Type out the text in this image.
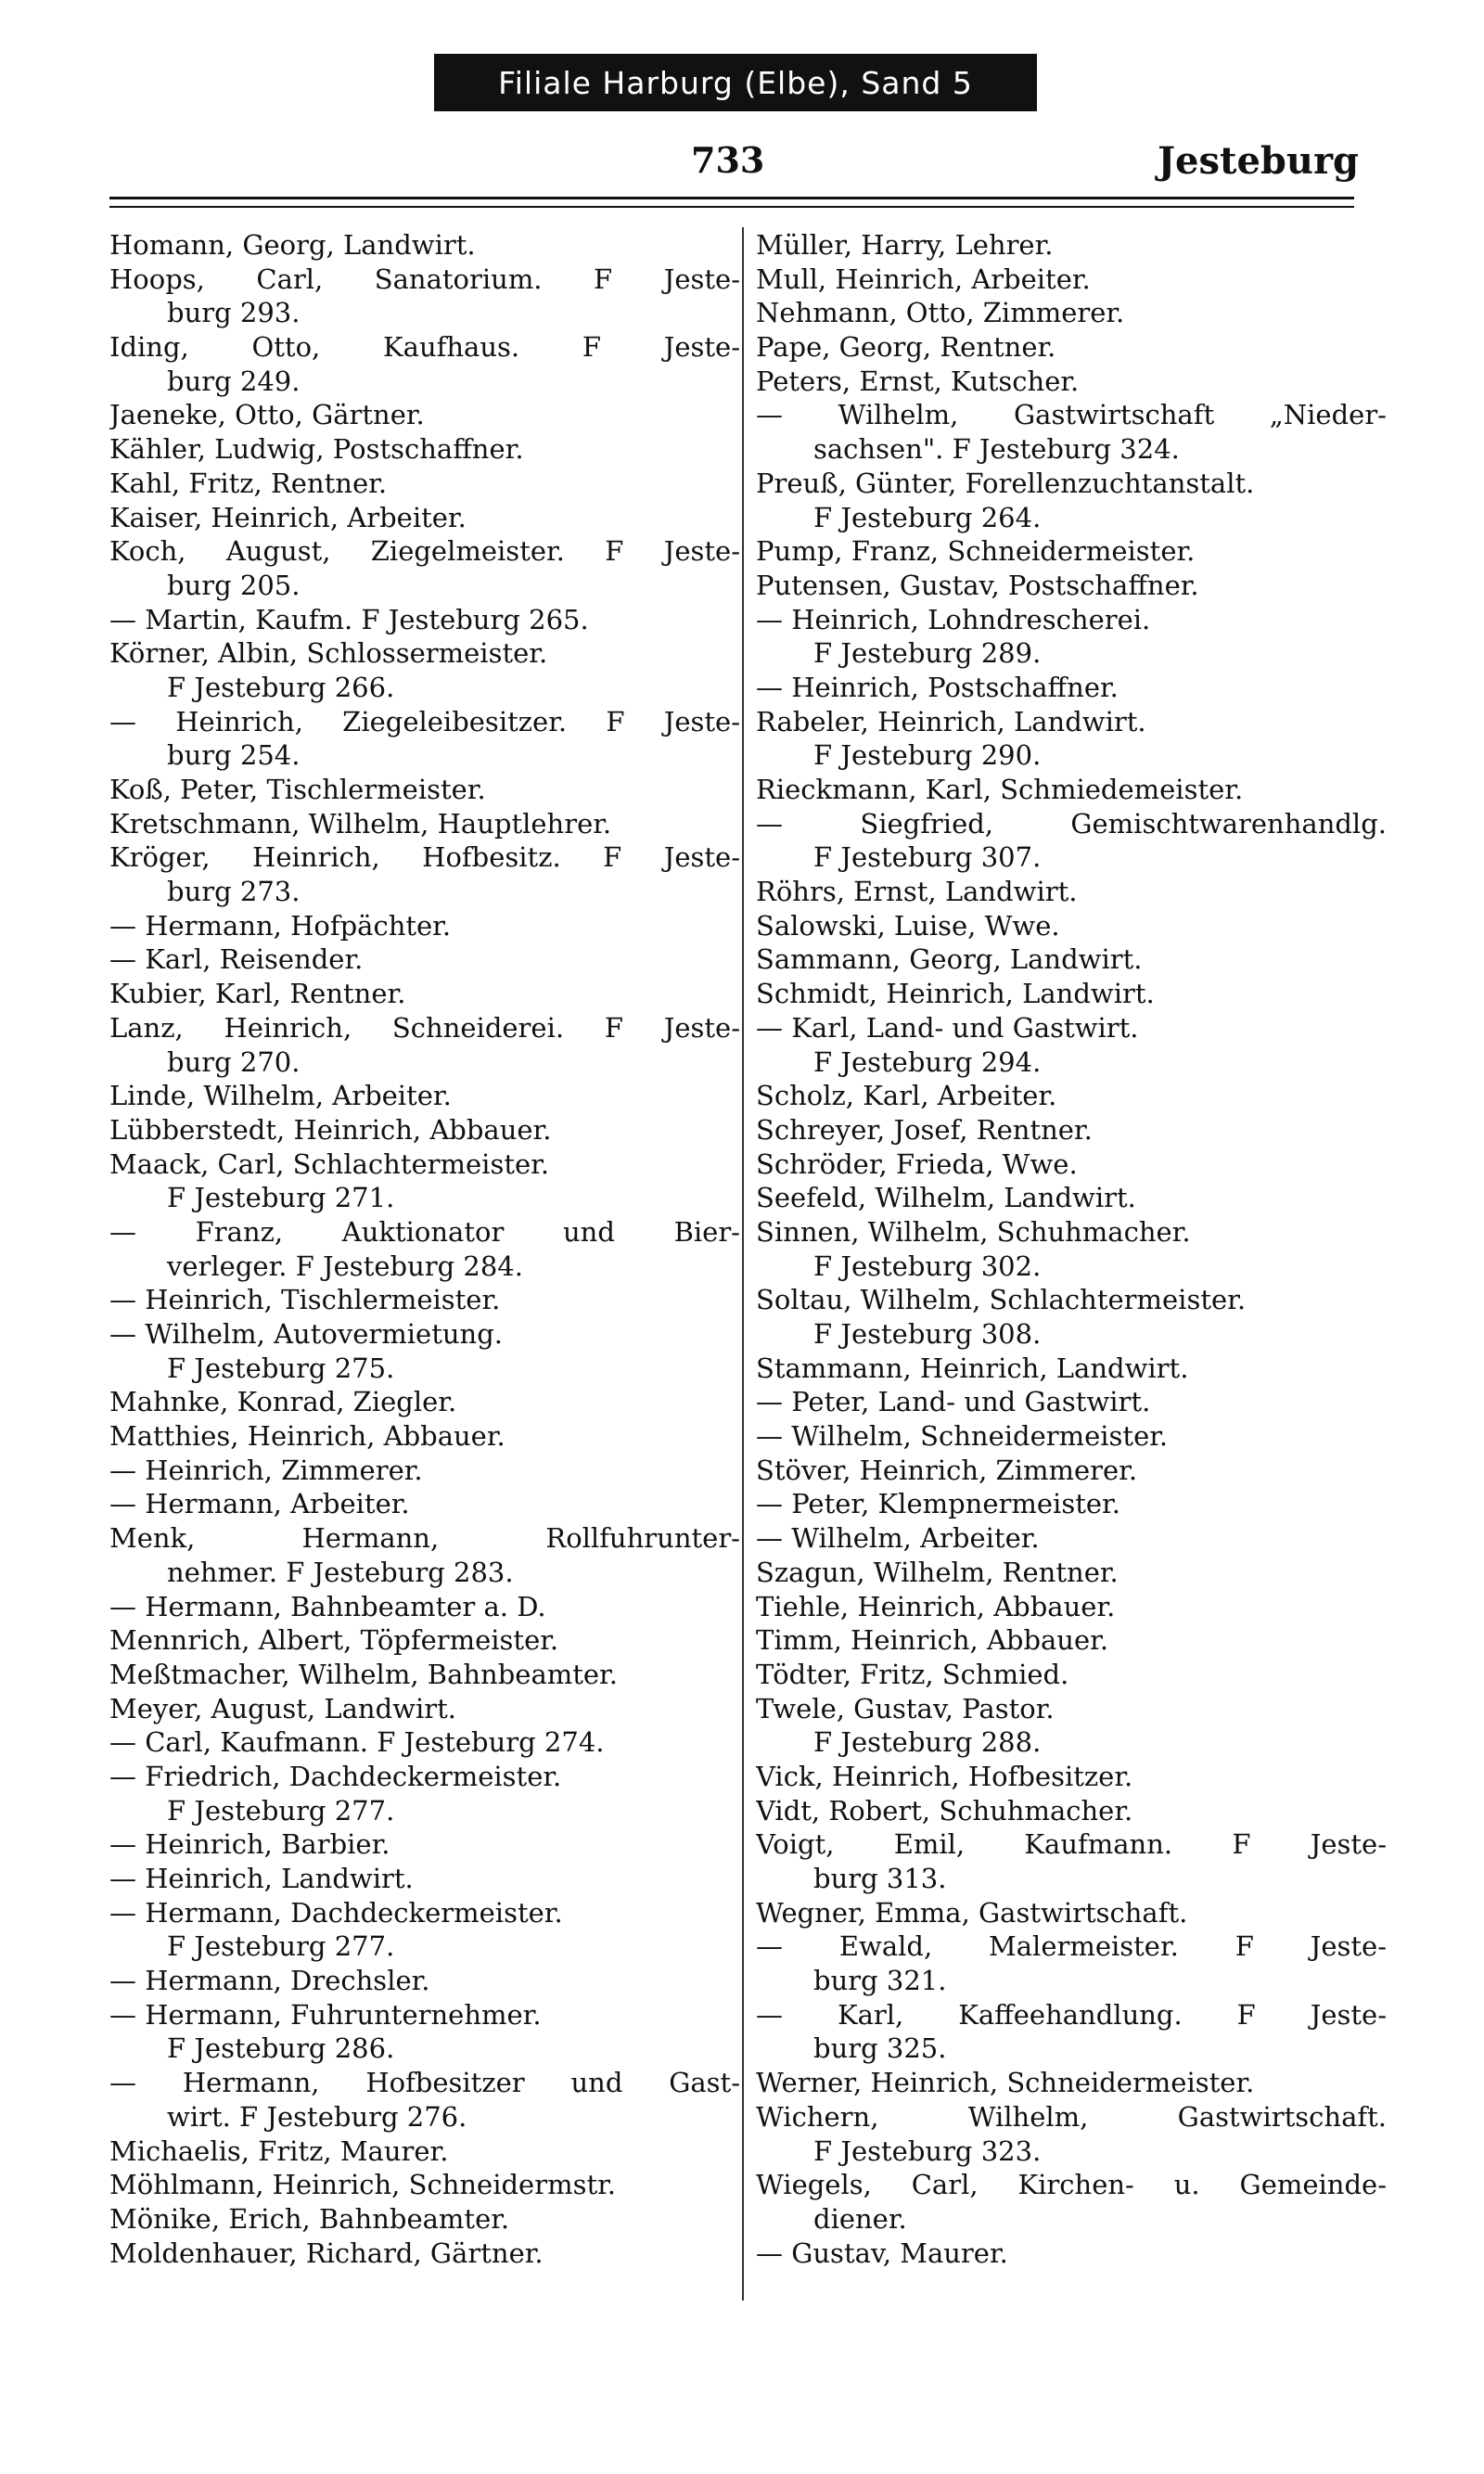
Filiale Harburg (Elbe), Sand 5
733	Jesteburg
Homann, Georg, Landwirt.
Hoops, Carl, Sanatorium. F Jeste-
burg 293.
Iding, Otto, Kaufhaus. F Jeste-
burg 249.
Jaeneke, Otto, Gärtner.
Kähler, Ludwig, Postschaffner.
Kahl, Fritz, Rentner.
Kaiser, Heinrich, Arbeiter.
Koch, August, Ziegelmeister. F Jeste-
burg 205.
— Martin, Kaufm. F Jesteburg 265.
Körner, Albin, Schlossermeister.
F Jesteburg 266.
— Heinrich, Ziegeleibesitzer. F Jeste-
burg 254.
Koß, Peter, Tischlermeister.
Kretschmann, Wilhelm, Hauptlehrer.
Kröger, Heinrich, Hofbesitz. F Jeste-
burg 273.
— Hermann, Hofpächter.
— Karl, Reisender.
Kubier, Karl, Rentner.
Lanz, Heinrich, Schneiderei. F Jeste-
burg 270.
Linde, Wilhelm, Arbeiter.
Lübberstedt, Heinrich, Abbauer.
Maack, Carl, Schlachtermeister.
F Jesteburg 271.
— Franz, Auktionator und Bier-
verleger. F Jesteburg 284.
— Heinrich, Tischlermeister.
— Wilhelm, Autovermietung.
F Jesteburg 275.
Mahnke, Konrad, Ziegler.
Matthies, Heinrich, Abbauer.
— Heinrich, Zimmerer.
— Hermann, Arbeiter.
Menk, Hermann, Rollfuhrunter-
nehmer. F Jesteburg 283.
— Hermann, Bahnbeamter a. D.
Mennrich, Albert, Töpfermeister.
Meßtmacher, Wilhelm, Bahnbeamter.
Meyer, August, Landwirt.
— Carl, Kaufmann. F Jesteburg 274.
— Friedrich, Dachdeckermeister.
F Jesteburg 277.
— Heinrich, Barbier.
— Heinrich, Landwirt.
— Hermann, Dachdeckermeister.
F Jesteburg 277.
— Hermann, Drechsler.
— Hermann, Fuhrunternehmer.
F Jesteburg 286.
— Hermann, Hofbesitzer und Gast-
wirt. F Jesteburg 276.
Michaelis, Fritz, Maurer.
Möhlmann, Heinrich, Schneidermstr.
Mönike, Erich, Bahnbeamter.
Moldenhauer, Richard, Gärtner.
Müller, Harry, Lehrer.
Mull, Heinrich, Arbeiter.
Nehmann, Otto, Zimmerer.
Pape, Georg, Rentner.
Peters, Ernst, Kutscher.
— Wilhelm, Gastwirtschaft „Nieder-
sachsen". F Jesteburg 324.
Preuß, Günter, Forellenzuchtanstalt.
F Jesteburg 264.
Pump, Franz, Schneidermeister.
Putensen, Gustav, Postschaffner.
— Heinrich, Lohndrescherei.
F Jesteburg 289.
— Heinrich, Postschaffner.
Rabeler, Heinrich, Landwirt.
F Jesteburg 290.
Rieckmann, Karl, Schmiedemeister.
— Siegfried, Gemischtwarenhandlg.
F Jesteburg 307.
Röhrs, Ernst, Landwirt.
Salowski, Luise, Wwe.
Sammann, Georg, Landwirt.
Schmidt, Heinrich, Landwirt.
— Karl, Land- und Gastwirt.
F Jesteburg 294.
Scholz, Karl, Arbeiter.
Schreyer, Josef, Rentner.
Schröder, Frieda, Wwe.
Seefeld, Wilhelm, Landwirt.
Sinnen, Wilhelm, Schuhmacher.
F Jesteburg 302.
Soltau, Wilhelm, Schlachtermeister.
F Jesteburg 308.
Stammann, Heinrich, Landwirt.
— Peter, Land- und Gastwirt.
— Wilhelm, Schneidermeister.
Stöver, Heinrich, Zimmerer.
— Peter, Klempnermeister.
— Wilhelm, Arbeiter.
Szagun, Wilhelm, Rentner.
Tiehle, Heinrich, Abbauer.
Timm, Heinrich, Abbauer.
Tödter, Fritz, Schmied.
Twele, Gustav, Pastor.
F Jesteburg 288.
Vick, Heinrich, Hofbesitzer.
Vidt, Robert, Schuhmacher.
Voigt, Emil, Kaufmann. F Jeste-
burg 313.
Wegner, Emma, Gastwirtschaft.
— Ewald, Malermeister. F Jeste-
burg 321.
— Karl, Kaffeehandlung. F Jeste-
burg 325.
Werner, Heinrich, Schneidermeister.
Wichern, Wilhelm, Gastwirtschaft.
F Jesteburg 323.
Wiegels, Carl, Kirchen- u. Gemeinde-
diener.
— Gustav, Maurer.
